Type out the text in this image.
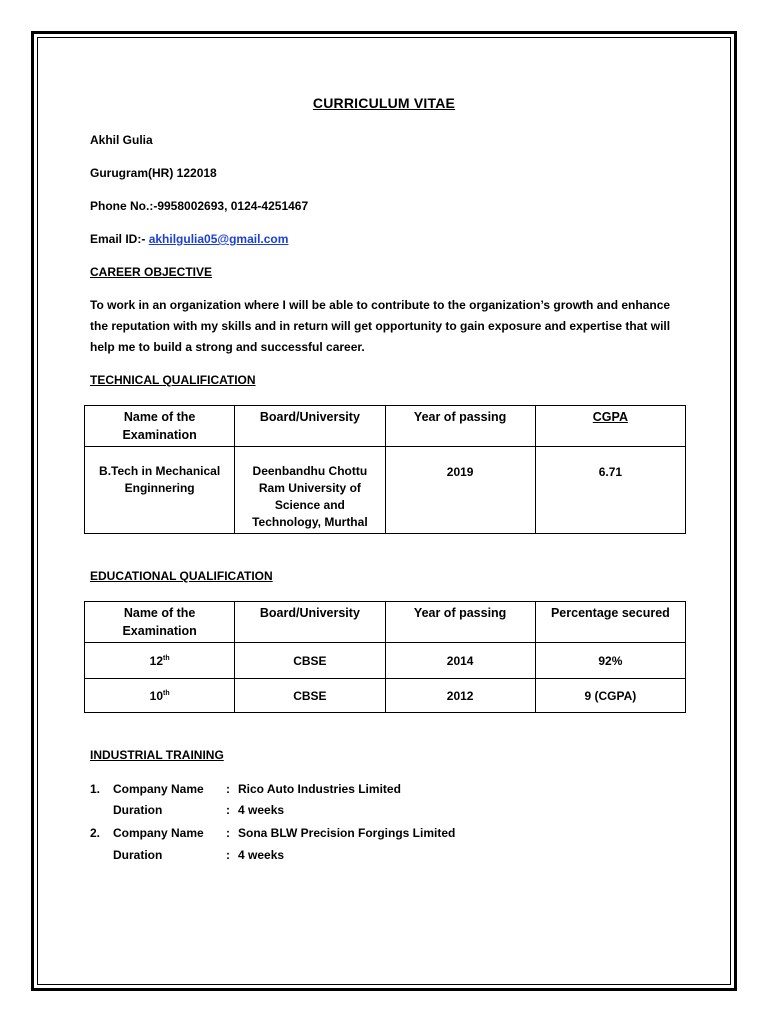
CURRICULUM VITAE
Akhil Gulia
Gurugram(HR) 122018
Phone No.:-9958002693, 0124-4251467
Email ID:- akhilgulia05@gmail.com
CAREER OBJECTIVE
To work in an organization where I will be able to contribute to the organization’s growth and enhance the reputation with my skills and in return will get opportunity to gain exposure and expertise that will help me to build a strong and successful career.
TECHNICAL QUALIFICATION
Name of the Examination	Board/University	Year of passing	CGPA
B.Tech in Mechanical Enginnering	Deenbandhu Chottu Ram University of Science and Technology, Murthal	2019	6.71
EDUCATIONAL QUALIFICATION
Name of the Examination	Board/University	Year of passing	Percentage secured
12th	CBSE	2014	92%
10th	CBSE	2012	9 (CGPA)
INDUSTRIAL TRAINING
1. Company Name : Rico Auto Industries Limited
Duration	: 4 weeks
2. Company Name : Sona BLW Precision Forgings Limited
Duration	: 4 weeks
